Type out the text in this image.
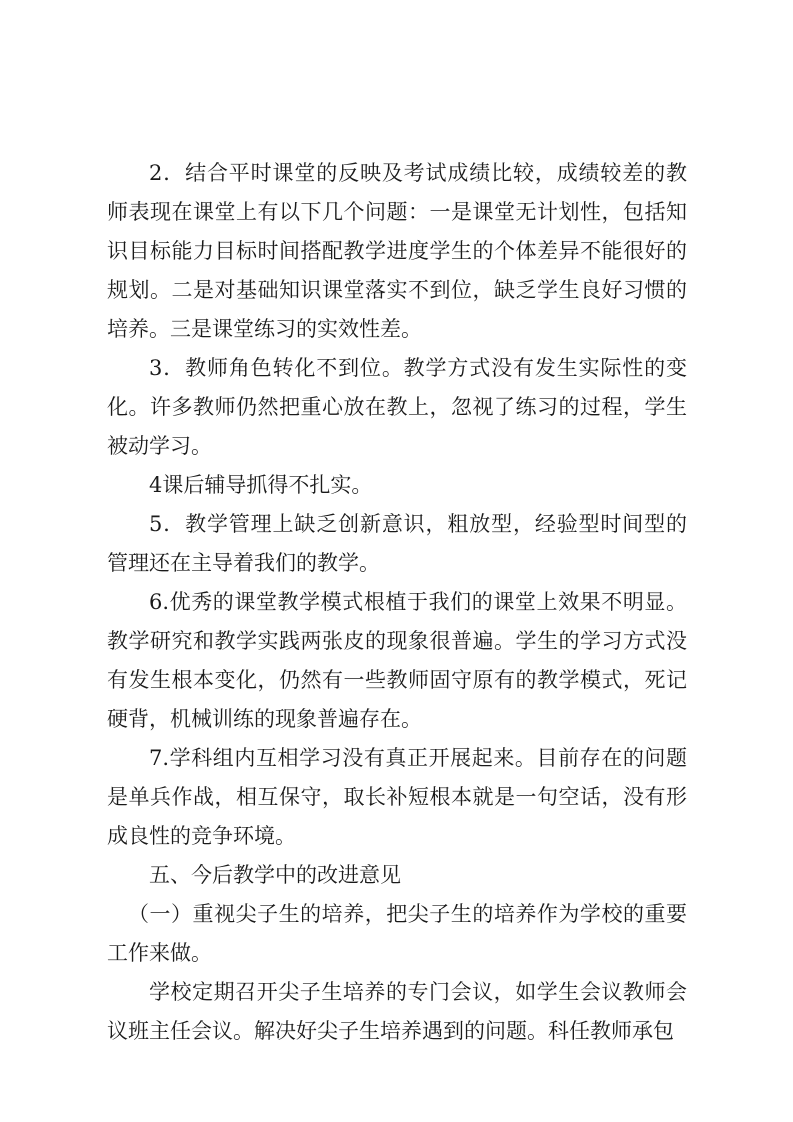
2．结合平时课堂的反映及考试成绩比较，成绩较差的教师表现在课堂上有以下几个问题：一是课堂无计划性，包括知识目标能力目标时间搭配教学进度学生的个体差异不能很好的规划。二是对基础知识课堂落实不到位，缺乏学生良好习惯的培养。三是课堂练习的实效性差。

3．教师角色转化不到位。教学方式没有发生实际性的变化。许多教师仍然把重心放在教上，忽视了练习的过程，学生被动学习。

4课后辅导抓得不扎实。

5．教学管理上缺乏创新意识，粗放型，经验型时间型的管理还在主导着我们的教学。

6.优秀的课堂教学模式根植于我们的课堂上效果不明显。教学研究和教学实践两张皮的现象很普遍。学生的学习方式没有发生根本变化，仍然有一些教师固守原有的教学模式，死记硬背，机械训练的现象普遍存在。

7.学科组内互相学习没有真正开展起来。目前存在的问题是单兵作战，相互保守，取长补短根本就是一句空话，没有形成良性的竞争环境。

五、今后教学中的改进意见

（一）重视尖子生的培养，把尖子生的培养作为学校的重要工作来做。

学校定期召开尖子生培养的专门会议，如学生会议教师会议班主任会议。解决好尖子生培养遇到的问题。科任教师承包
